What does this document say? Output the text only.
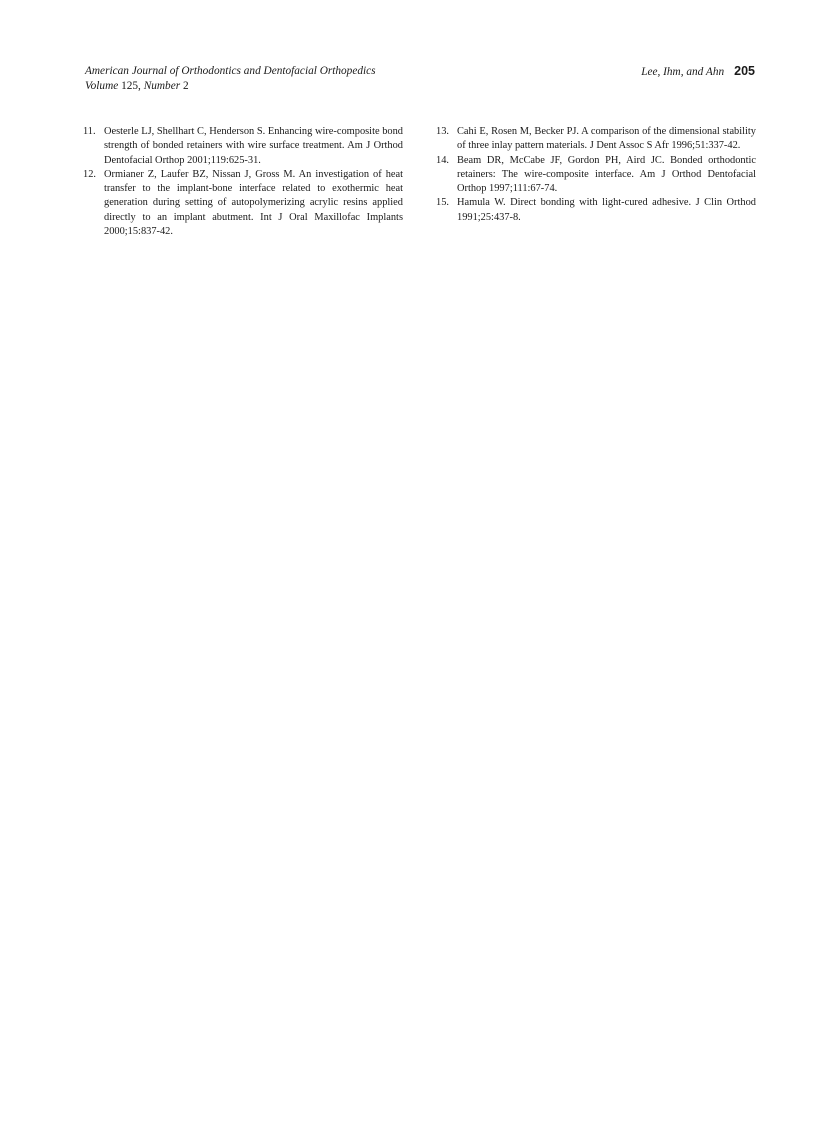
American Journal of Orthodontics and Dentofacial Orthopedics
Volume 125, Number 2
Lee, Ihm, and Ahn 205
11. Oesterle LJ, Shellhart C, Henderson S. Enhancing wire-composite bond strength of bonded retainers with wire surface treatment. Am J Orthod Dentofacial Orthop 2001;119:625-31.
12. Ormianer Z, Laufer BZ, Nissan J, Gross M. An investigation of heat transfer to the implant-bone interface related to exothermic heat generation during setting of autopolymerizing acrylic resins applied directly to an implant abutment. Int J Oral Maxillofac Implants 2000;15:837-42.
13. Cahi E, Rosen M, Becker PJ. A comparison of the dimensional stability of three inlay pattern materials. J Dent Assoc S Afr 1996;51:337-42.
14. Beam DR, McCabe JF, Gordon PH, Aird JC. Bonded orthodontic retainers: The wire-composite interface. Am J Orthod Dentofacial Orthop 1997;111:67-74.
15. Hamula W. Direct bonding with light-cured adhesive. J Clin Orthod 1991;25:437-8.
